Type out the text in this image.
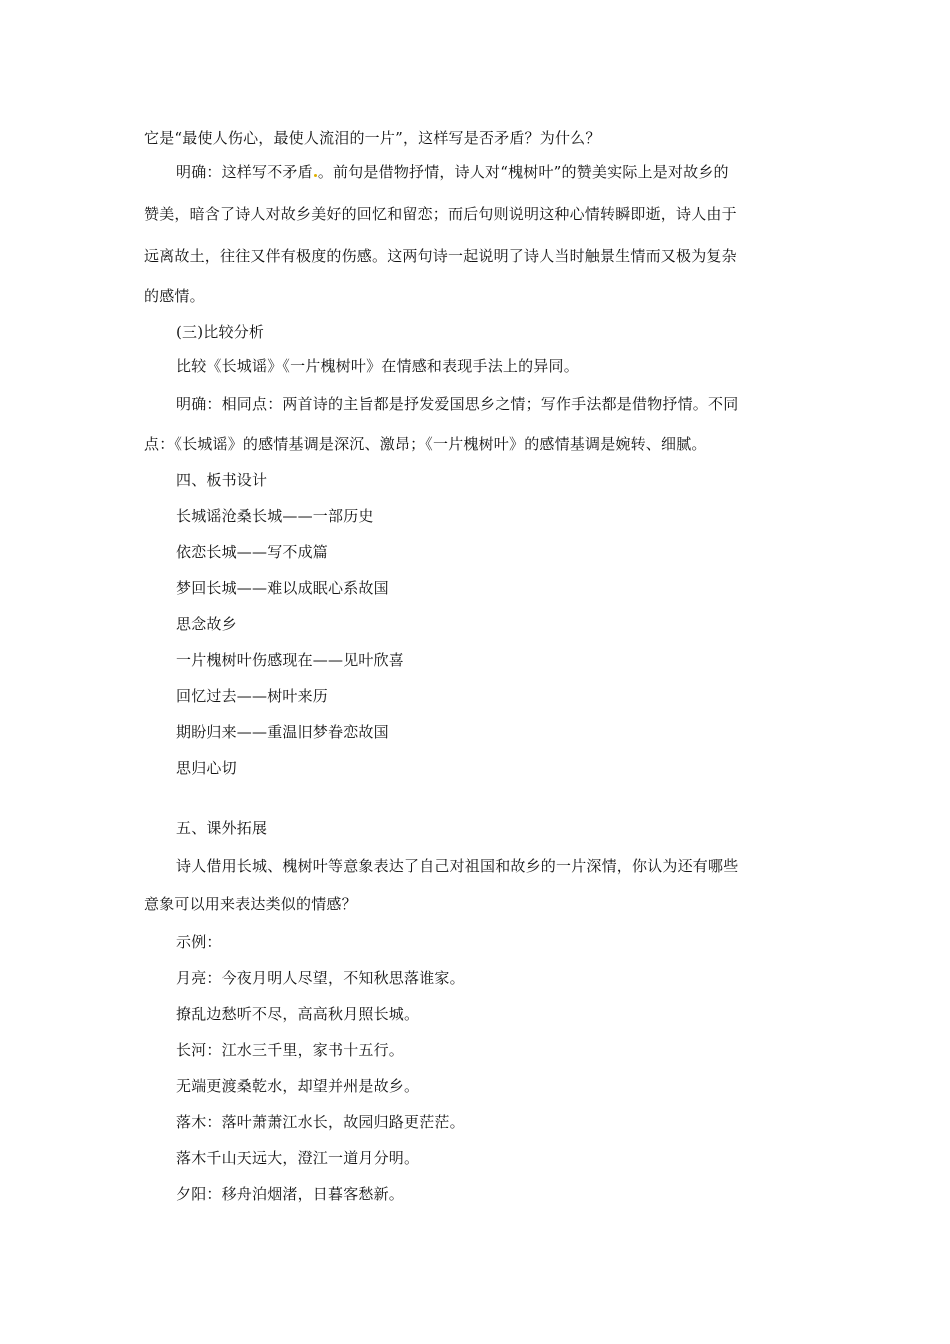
它是“最使人伤心，最使人流泪的一片”，这样写是否矛盾？为什么？
明确：这样写不矛盾 。前句是借物抒情，诗人对“槐树叶”的赞美实际上是对故乡的
赞美，暗含了诗人对故乡美好的回忆和留恋；而后句则说明这种心情转瞬即逝，诗人由于
远离故土，往往又伴有极度的伤感。这两句诗一起说明了诗人当时触景生情而又极为复杂
的感情。
(三)比较分析
比较《长城谣》《一片槐树叶》在情感和表现手法上的异同。
明确：相同点：两首诗的主旨都是抒发爱国思乡之情；写作手法都是借物抒情。不同
点：《长城谣》的感情基调是深沉、激昂；《一片槐树叶》的感情基调是婉转、细腻。
四、板书设计
长城谣沧桑长城——一部历史
依恋长城——写不成篇
梦回长城——难以成眠心系故国
思念故乡
一片槐树叶伤感现在——见叶欣喜
回忆过去——树叶来历
期盼归来——重温旧梦眷恋故国
思归心切
五、课外拓展
诗人借用长城、槐树叶等意象表达了自己对祖国和故乡的一片深情，你认为还有哪些
意象可以用来表达类似的情感？
示例：
月亮：今夜月明人尽望，不知秋思落谁家。
撩乱边愁听不尽，高高秋月照长城。
长河：江水三千里，家书十五行。
无端更渡桑乾水，却望并州是故乡。
落木：落叶萧萧江水长，故园归路更茫茫。
落木千山天远大，澄江一道月分明。
夕阳：移舟泊烟渚，日暮客愁新。
